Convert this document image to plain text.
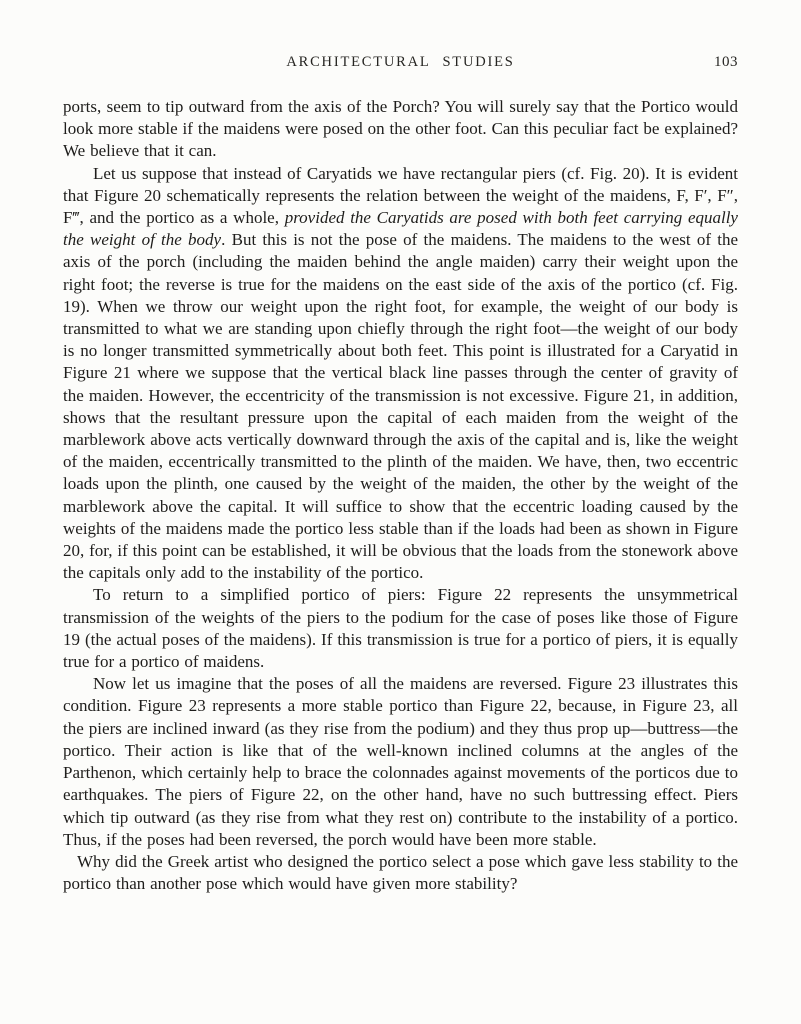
ARCHITECTURAL STUDIES	103

ports, seem to tip outward from the axis of the Porch? You will surely say that the Portico would look more stable if the maidens were posed on the other foot. Can this peculiar fact be explained? We believe that it can.

Let us suppose that instead of Caryatids we have rectangular piers (cf. Fig. 20). It is evident that Figure 20 schematically represents the relation between the weight of the maidens, F, F′, F″, F‴, and the portico as a whole, provided the Caryatids are posed with both feet carrying equally the weight of the body. But this is not the pose of the maidens. The maidens to the west of the axis of the porch (including the maiden behind the angle maiden) carry their weight upon the right foot; the reverse is true for the maidens on the east side of the axis of the portico (cf. Fig. 19). When we throw our weight upon the right foot, for example, the weight of our body is transmitted to what we are standing upon chiefly through the right foot—the weight of our body is no longer transmitted symmetrically about both feet. This point is illustrated for a Caryatid in Figure 21 where we suppose that the vertical black line passes through the center of gravity of the maiden. However, the eccentricity of the transmission is not excessive. Figure 21, in addition, shows that the resultant pressure upon the capital of each maiden from the weight of the marblework above acts vertically downward through the axis of the capital and is, like the weight of the maiden, eccentrically transmitted to the plinth of the maiden. We have, then, two eccentric loads upon the plinth, one caused by the weight of the maiden, the other by the weight of the marblework above the capital. It will suffice to show that the eccentric loading caused by the weights of the maidens made the portico less stable than if the loads had been as shown in Figure 20, for, if this point can be established, it will be obvious that the loads from the stonework above the capitals only add to the instability of the portico.

To return to a simplified portico of piers: Figure 22 represents the unsymmetrical transmission of the weights of the piers to the podium for the case of poses like those of Figure 19 (the actual poses of the maidens). If this transmission is true for a portico of piers, it is equally true for a portico of maidens.

Now let us imagine that the poses of all the maidens are reversed. Figure 23 illustrates this condition. Figure 23 represents a more stable portico than Figure 22, because, in Figure 23, all the piers are inclined inward (as they rise from the podium) and they thus prop up—buttress—the portico. Their action is like that of the well-known inclined columns at the angles of the Parthenon, which certainly help to brace the colonnades against movements of the porticos due to earthquakes. The piers of Figure 22, on the other hand, have no such buttressing effect. Piers which tip outward (as they rise from what they rest on) contribute to the instability of a portico. Thus, if the poses had been reversed, the porch would have been more stable.

Why did the Greek artist who designed the portico select a pose which gave less stability to the portico than another pose which would have given more stability?
